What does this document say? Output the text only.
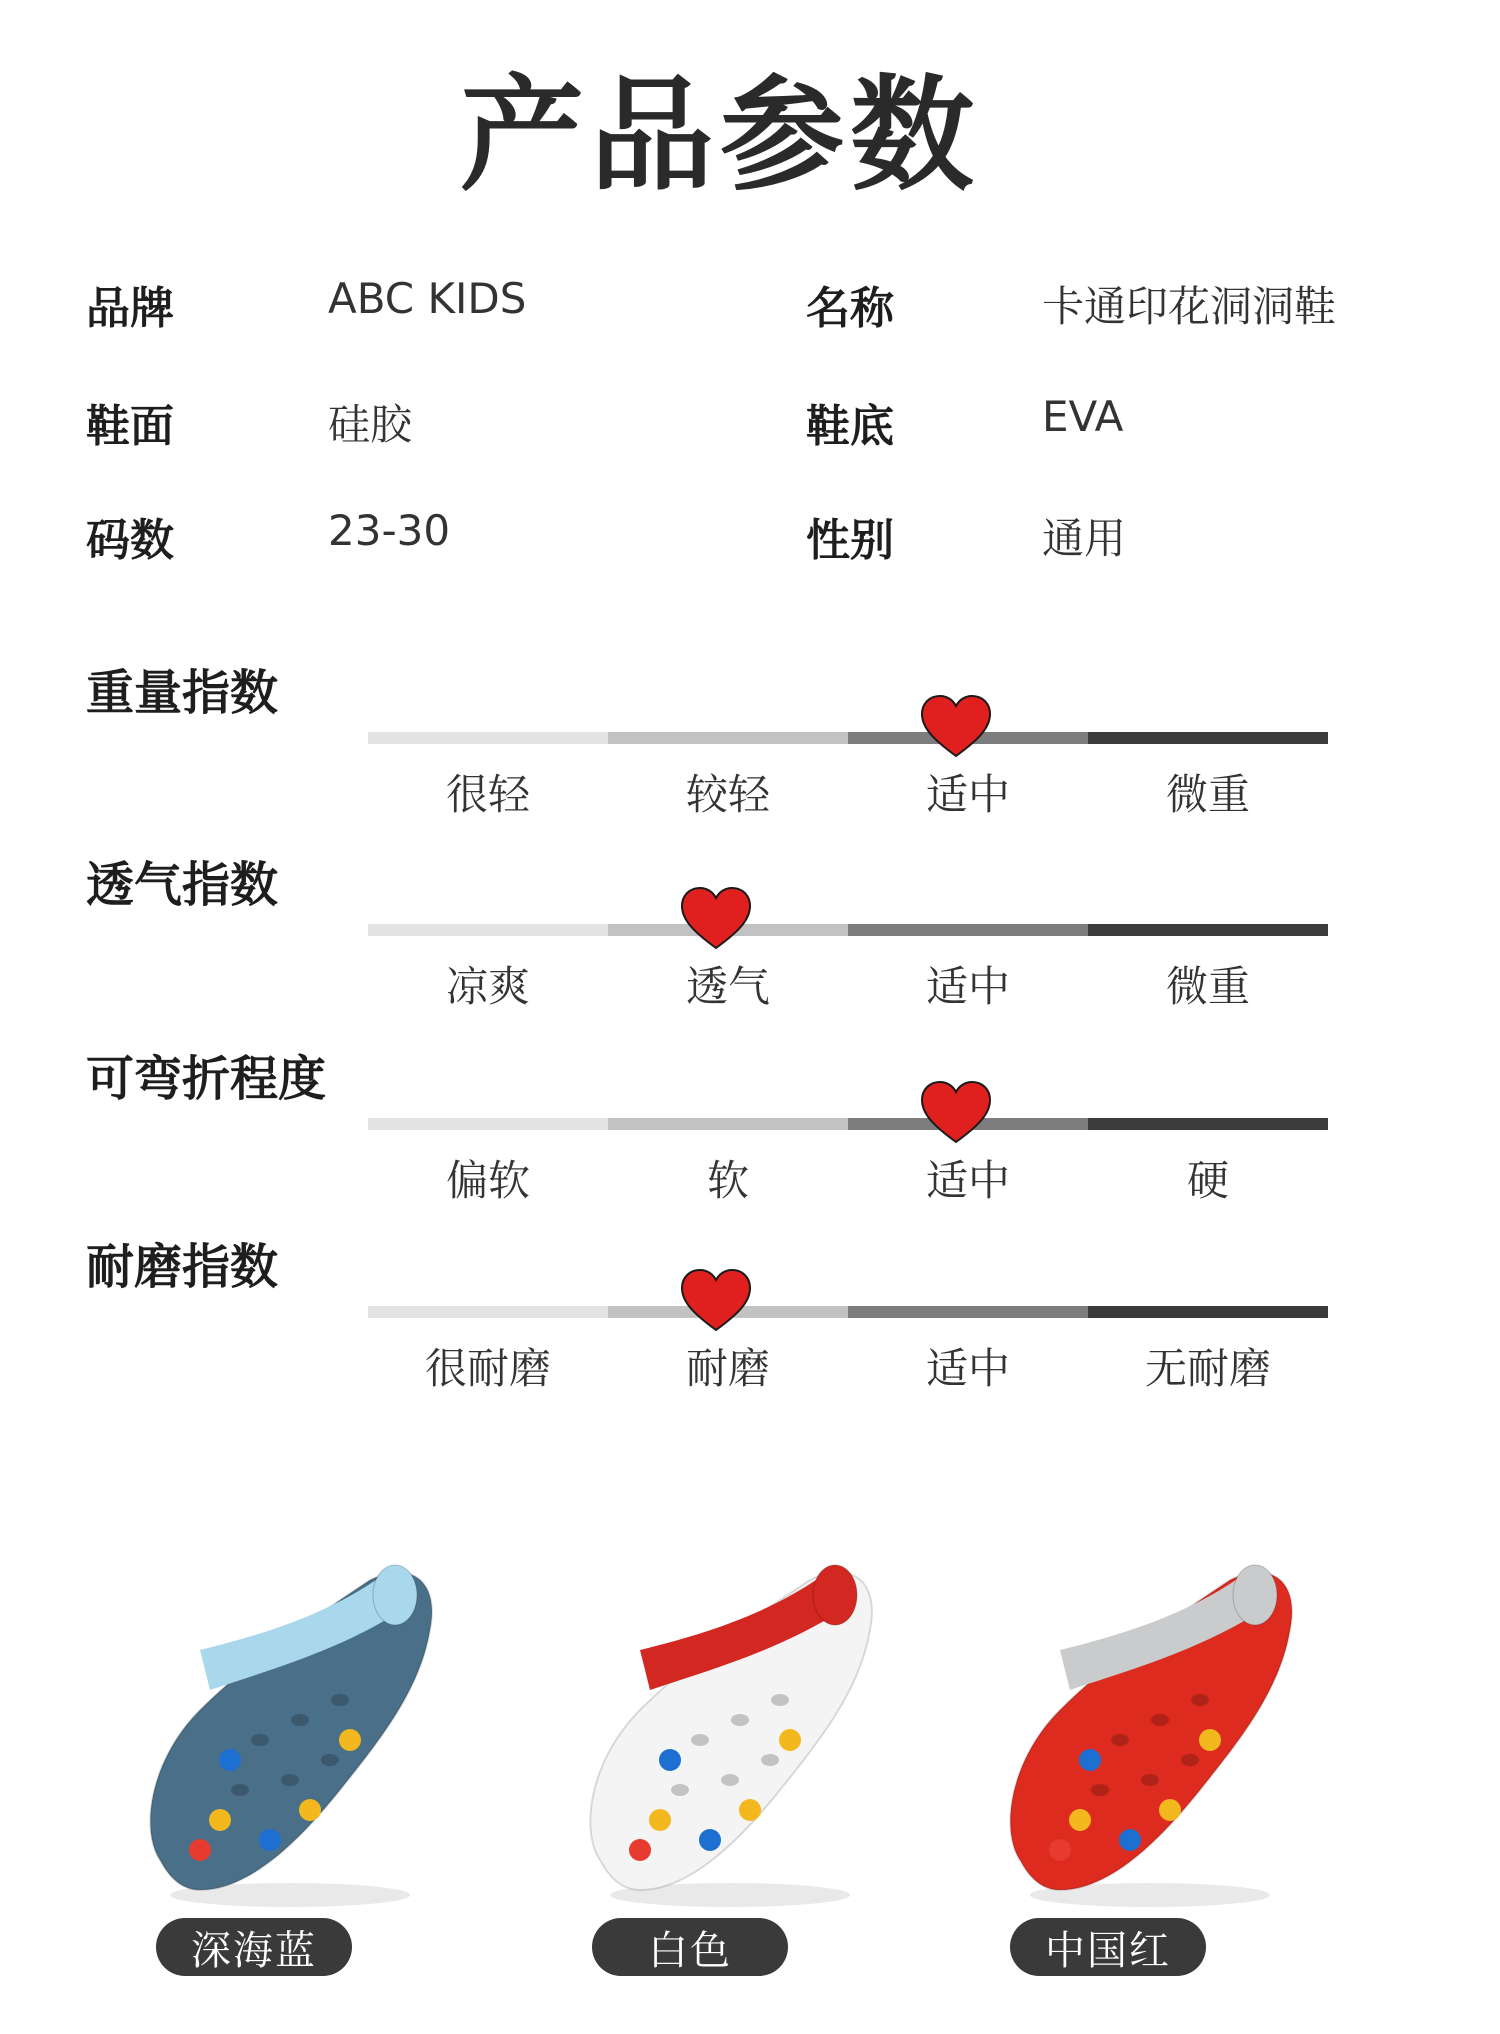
产品参数
品牌	ABC KIDS	名称	卡通印花洞洞鞋
鞋面	硅胶	鞋底	EVA
码数	23-30	性别	通用
重量指数
很轻	较轻	适中	微重
透气指数
凉爽	透气	适中	微重
可弯折程度
偏软	软	适中	硬
耐磨指数
很耐磨	耐磨	适中	无耐磨
深海蓝	白色	中国红
